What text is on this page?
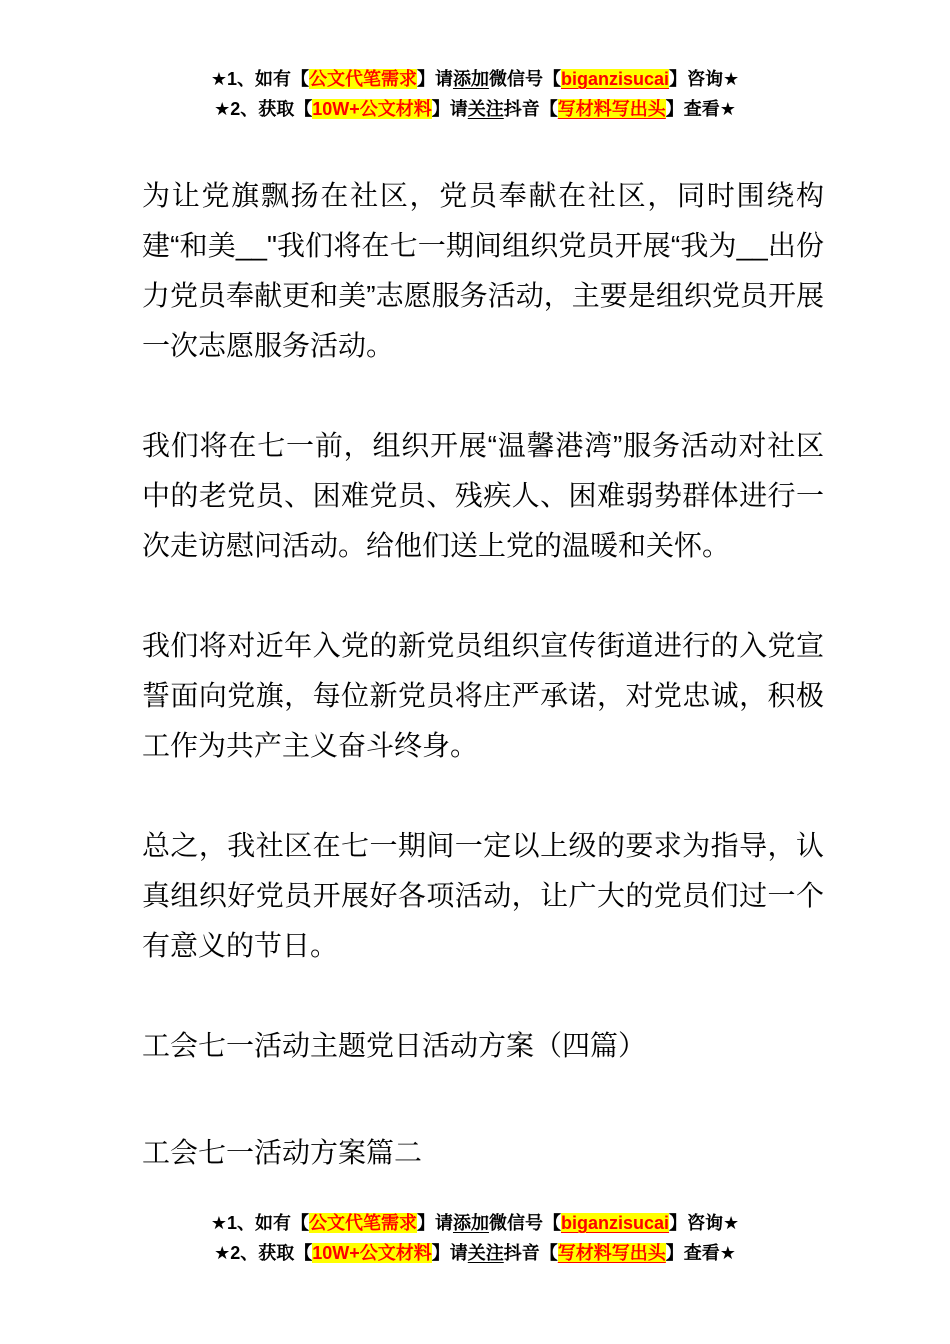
★1、如有【公文代笔需求】请添加微信号【biganzisucai】咨询★
★2、获取【10W+公文材料】请关注抖音【写材料写出头】查看★

为让党旗飘扬在社区，党员奉献在社区，同时围绕构建“和美__"我们将在七一期间组织党员开展“我为__出份力党员奉献更和美”志愿服务活动，主要是组织党员开展一次志愿服务活动。

我们将在七一前，组织开展“温馨港湾”服务活动对社区中的老党员、困难党员、残疾人、困难弱势群体进行一次走访慰问活动。给他们送上党的温暖和关怀。

我们将对近年入党的新党员组织宣传街道进行的入党宣誓面向党旗，每位新党员将庄严承诺，对党忠诚，积极工作为共产主义奋斗终身。

总之，我社区在七一期间一定以上级的要求为指导，认真组织好党员开展好各项活动，让广大的党员们过一个有意义的节日。

工会七一活动主题党日活动方案（四篇）

工会七一活动方案篇二

★1、如有【公文代笔需求】请添加微信号【biganzisucai】咨询★
★2、获取【10W+公文材料】请关注抖音【写材料写出头】查看★
